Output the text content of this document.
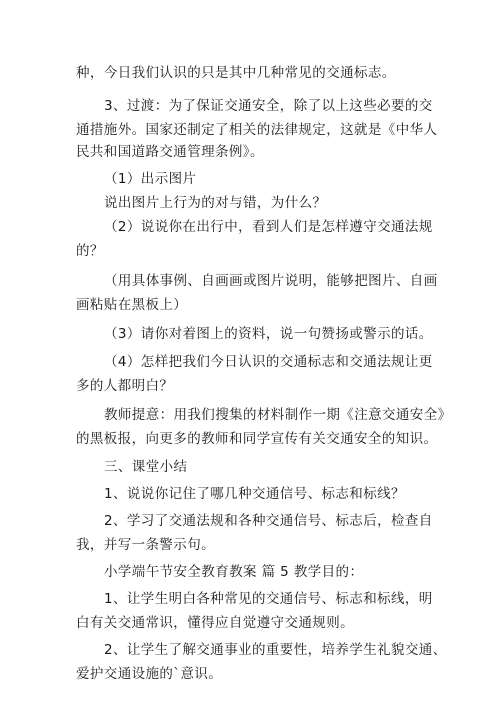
种，今日我们认识的只是其中几种常见的交通标志。
3、过渡：为了保证交通安全，除了以上这些必要的交
通措施外。国家还制定了相关的法律规定，这就是《中华人
民共和国道路交通管理条例》。
（1）出示图片
说出图片上行为的对与错，为什么？
（2）说说你在出行中，看到人们是怎样遵守交通法规
的？
（用具体事例、自画画或图片说明，能够把图片、自画
画粘贴在黑板上）
（3）请你对着图上的资料，说一句赞扬或警示的话。
（4）怎样把我们今日认识的交通标志和交通法规让更
多的人都明白？
教师提意：用我们搜集的材料制作一期《注意交通安全》
的黑板报，向更多的教师和同学宣传有关交通安全的知识。
三、课堂小结
1、说说你记住了哪几种交通信号、标志和标线？
2、学习了交通法规和各种交通信号、标志后，检查自
我，并写一条警示句。
小学端午节安全教育教案 篇 5 教学目的：
1、让学生明白各种常见的交通信号、标志和标线，明
白有关交通常识，懂得应自觉遵守交通规则。
2、让学生了解交通事业的重要性，培养学生礼貌交通、
爱护交通设施的`意识。
